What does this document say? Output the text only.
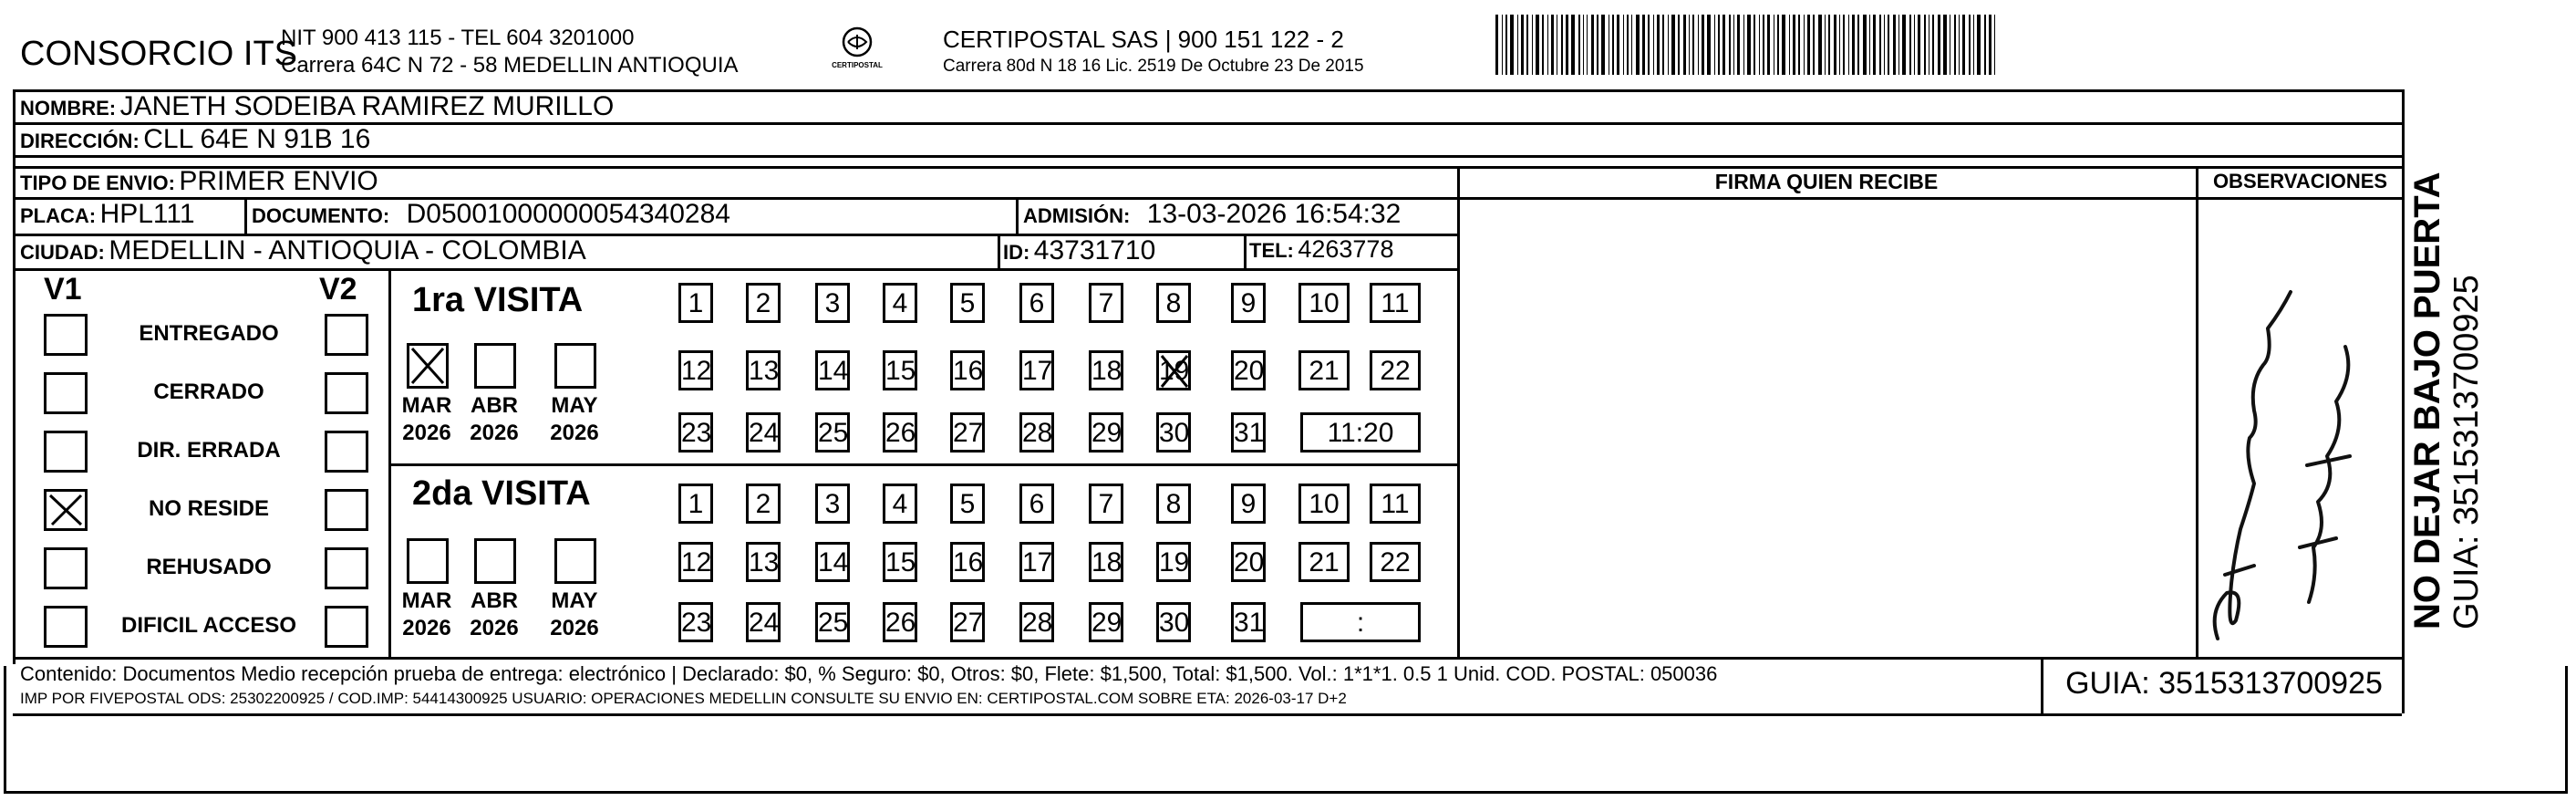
CONSORCIO ITS
NIT 900 413 115 - TEL 604 3201000
Carrera 64C N 72 - 58 MEDELLIN ANTIOQUIA	CERTIPOSTAL
CERTIPOSTAL SAS | 900 151 122 - 2
Carrera 80d N 18 16 Lic. 2519 De Octubre 23 De 2015
NOMBRE: JANETH SODEIBA RAMIREZ MURILLO
DIRECCIÓN: CLL 64E N 91B 16
TIPO DE ENVIO: PRIMER ENVIO	FIRMA QUIEN RECIBE	OBSERVACIONES
PLACA: HPL111	DOCUMENTO: D05001000000054340284	ADMISIÓN: 13-03-2026 16:54:32
CIUDAD: MEDELLIN - ANTIOQUIA - COLOMBIA	ID: 43731710	TEL: 4263778
V1	V2
ENTREGADO
CERRADO
DIR. ERRADA
NO RESIDE
REHUSADO
DIFICIL ACCESO
1ra VISITA
2da VISITA
MAR
2026
ABR
2026
MAY
2026
1	2	3	4	5	6	7	8	9	10	11
12 13 14 15 16 17 18 19 20	21	22
23 24 25 26 27 28 29 30 31	11:20
MAR
2026
ABR
2026
MAY
2026
1	2	3	4	5	6	7	8	9	10	11
12 13 14 15 16 17 18 19 20	21	22
23 24 25 26 27 28 29 30 31	:
Contenido: Documentos Medio recepción prueba de entrega: electrónico | Declarado: $0, % Seguro: $0, Otros: $0, Flete: $1,500, Total: $1,500. Vol.: 1*1*1. 0.5 1 Unid. COD. POSTAL: 050036
IMP POR FIVEPOSTAL ODS: 25302200925 / COD.IMP: 54414300925 USUARIO: OPERACIONES MEDELLIN CONSULTE SU ENVIO EN: CERTIPOSTAL.COM SOBRE ETA: 2026-03-17 D+2	GUIA: 3515313700925
NO DEJAR BAJO PUERTA GUIA: 3515313700925
